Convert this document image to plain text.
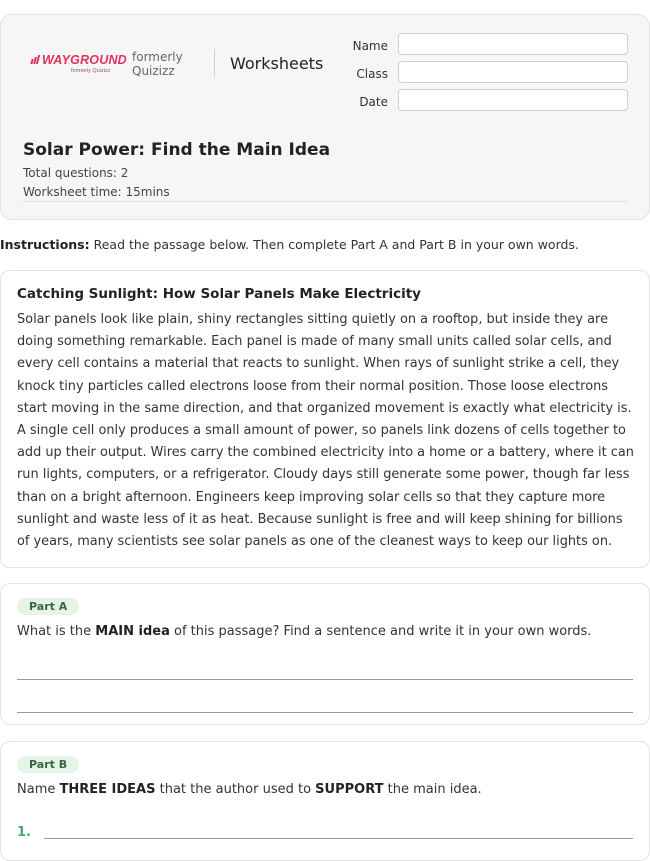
WAYGROUND
formerly Quizizz
formerly
Quizizz	Worksheets
Name
Class
Date
Solar Power: Find the Main Idea
Total questions: 2
Worksheet time: 15mins
Instructions: Read the passage below. Then complete Part A and Part B in your own words.
Catching Sunlight: How Solar Panels Make Electricity
Solar panels look like plain, shiny rectangles sitting quietly on a rooftop, but inside they are doing something remarkable. Each panel is made of many small units called solar cells, and every cell contains a material that reacts to sunlight. When rays of sunlight strike a cell, they knock tiny particles called electrons loose from their normal position. Those loose electrons start moving in the same direction, and that organized movement is exactly what electricity is. A single cell only produces a small amount of power, so panels link dozens of cells together to add up their output. Wires carry the combined electricity into a home or a battery, where it can run lights, computers, or a refrigerator. Cloudy days still generate some power, though far less than on a bright afternoon. Engineers keep improving solar cells so that they capture more sunlight and waste less of it as heat. Because sunlight is free and will keep shining for billions of years, many scientists see solar panels as one of the cleanest ways to keep our lights on.
Part A
What is the MAIN idea of this passage? Find a sentence and write it in your own words.
Part B
Name THREE IDEAS that the author used to SUPPORT the main idea.
1.
